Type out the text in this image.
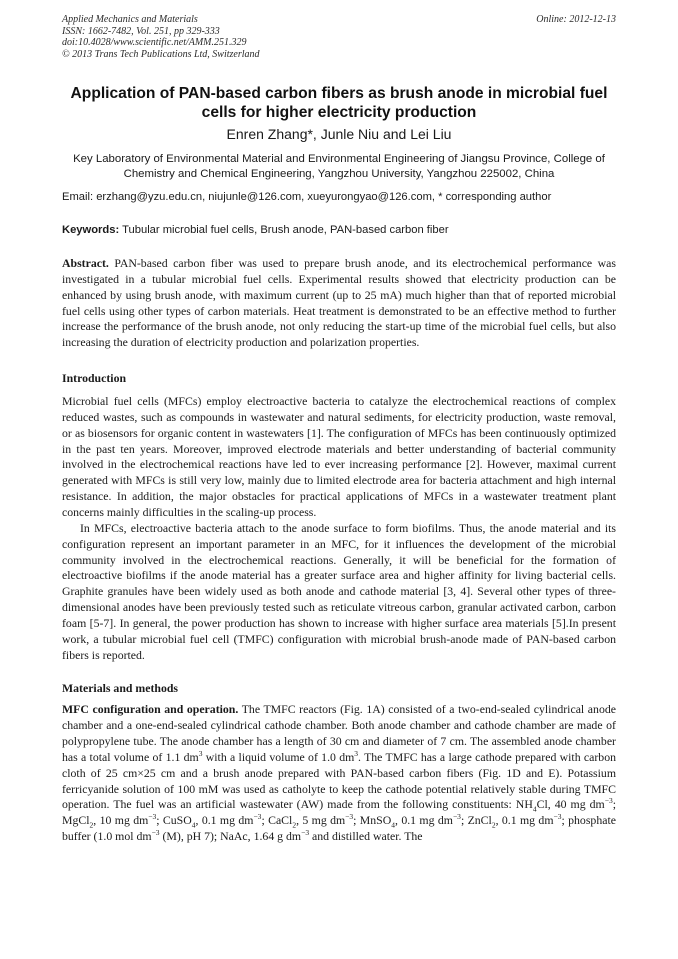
Applied Mechanics and Materials
ISSN: 1662-7482, Vol. 251, pp 329-333
doi:10.4028/www.scientific.net/AMM.251.329
© 2013 Trans Tech Publications Ltd, Switzerland
Online: 2012-12-13
Application of PAN-based carbon fibers as brush anode in microbial fuel cells for higher electricity production
Enren Zhang*, Junle Niu and Lei Liu
Key Laboratory of Environmental Material and Environmental Engineering of Jiangsu Province, College of Chemistry and Chemical Engineering, Yangzhou University, Yangzhou 225002, China
Email: erzhang@yzu.edu.cn, niujunle@126.com, xueyurongyao@126.com, * corresponding author
Keywords: Tubular microbial fuel cells, Brush anode, PAN-based carbon fiber
Abstract. PAN-based carbon fiber was used to prepare brush anode, and its electrochemical performance was investigated in a tubular microbial fuel cells. Experimental results showed that electricity production can be enhanced by using brush anode, with maximum current (up to 25 mA) much higher than that of reported microbial fuel cells using other types of carbon materials. Heat treatment is demonstrated to be an effective method to further increase the performance of the brush anode, not only reducing the start-up time of the microbial fuel cells, but also increasing the duration of electricity production and polarization properties.
Introduction
Microbial fuel cells (MFCs) employ electroactive bacteria to catalyze the electrochemical reactions of complex reduced wastes, such as compounds in wastewater and natural sediments, for electricity production, waste removal, or as biosensors for organic content in wastewaters [1]. The configuration of MFCs has been continuously optimized in the past ten years. Moreover, improved electrode materials and better understanding of bacterial community involved in the electrochemical reactions have led to ever increasing performance [2]. However, maximal current generated with MFCs is still very low, mainly due to limited electrode area for bacteria attachment and high internal resistance. In addition, the major obstacles for practical applications of MFCs in a wastewater treatment plant concerns mainly difficulties in the scaling-up process.
In MFCs, electroactive bacteria attach to the anode surface to form biofilms. Thus, the anode material and its configuration represent an important parameter in an MFC, for it influences the development of the microbial community involved in the electrochemical reactions. Generally, it will be beneficial for the formation of electroactive biofilms if the anode material has a greater surface area and higher affinity for living bacterial cells. Graphite granules have been widely used as both anode and cathode material [3, 4]. Several other types of three-dimensional anodes have been previously tested such as reticulate vitreous carbon, granular activated carbon, carbon foam [5-7]. In general, the power production has shown to increase with higher surface area materials [5].In present work, a tubular microbial fuel cell (TMFC) configuration with microbial brush-anode made of PAN-based carbon fibers is reported.
Materials and methods
MFC configuration and operation. The TMFC reactors (Fig. 1A) consisted of a two-end-sealed cylindrical anode chamber and a one-end-sealed cylindrical cathode chamber. Both anode chamber and cathode chamber are made of polypropylene tube. The anode chamber has a length of 30 cm and diameter of 7 cm. The assembled anode chamber has a total volume of 1.1 $dm^3$ with a liquid volume of 1.0 $dm^3$. The TMFC has a large cathode prepared with carbon cloth of 25 cm×25 cm and a brush anode prepared with PAN-based carbon fibers (Fig. 1D and E). Potassium ferricyanide solution of 100 mM was used as catholyte to keep the cathode potential relatively stable during TMFC operation. The fuel was an artificial wastewater (AW) made from the following constituents: $NH_4Cl$, 40 mg $dm^{-3}$; MgCl$_2$, 10 mg $dm^{-3}$; CuSO$_4$, 0.1 mg $dm^{-3}$; CaCl$_2$, 5 mg $dm^{-3}$; MnSO$_4$, 0.1 mg $dm^{-3}$; ZnCl$_2$, 0.1 mg $dm^{-3}$; phosphate buffer (1.0 mol $dm^{-3}$ (M), pH 7); NaAc, 1.64 g $dm^{-3}$ and distilled water. The
